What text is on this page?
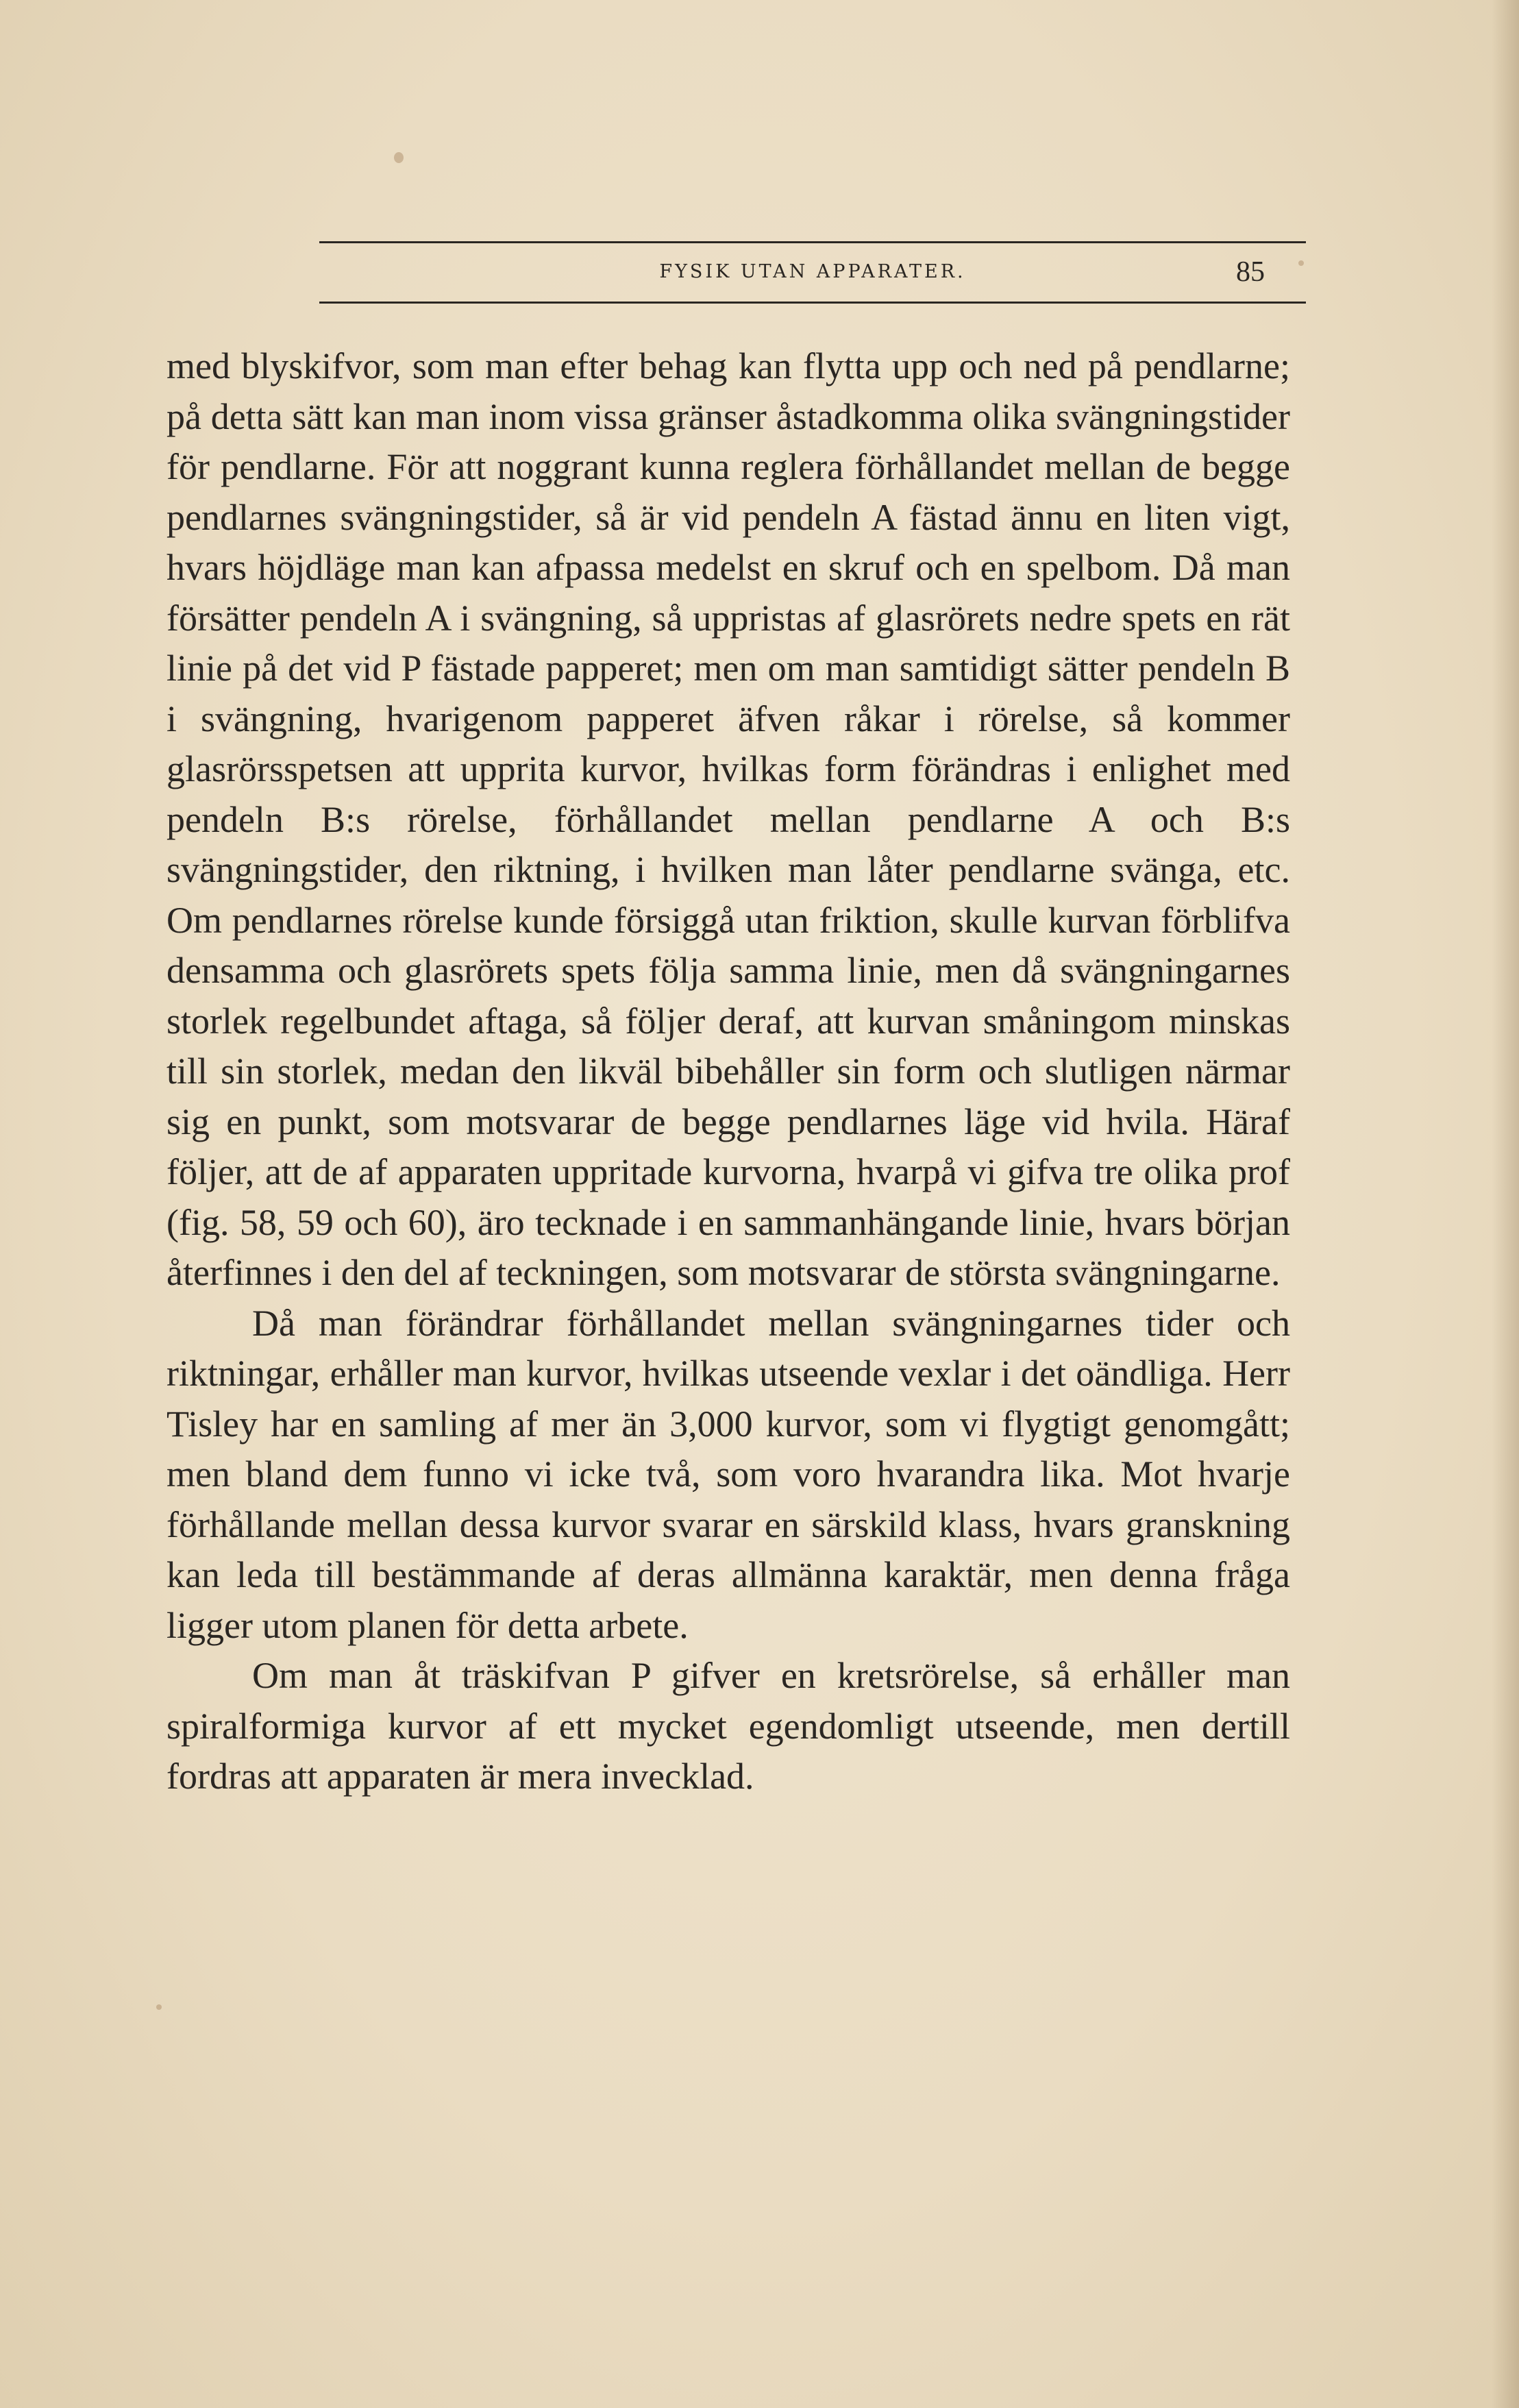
FYSIK UTAN APPARATER.	85

med blyskifvor, som man efter behag kan flytta upp och ned på pendlarne; på detta sätt kan man inom vissa gränser åstadkomma olika svängningstider för pendlarne. För att noggrant kunna reglera förhållandet mellan de begge pendlarnes svängningstider, så är vid pendeln A fästad ännu en liten vigt, hvars höjdläge man kan afpassa medelst en skruf och en spelbom. Då man försätter pendeln A i svängning, så uppristas af glasrörets nedre spets en rät linie på det vid P fästade papperet; men om man samtidigt sätter pendeln B i svängning, hvarigenom papperet äfven råkar i rörelse, så kommer glasrörsspetsen att upprita kurvor, hvilkas form förändras i enlighet med pendeln B:s rörelse, förhållandet mellan pendlarne A och B:s svängningstider, den riktning, i hvilken man låter pendlarne svänga, etc. Om pendlarnes rörelse kunde försiggå utan friktion, skulle kurvan förblifva densamma och glasrörets spets följa samma linie, men då svängningarnes storlek regelbundet aftaga, så följer deraf, att kurvan småningom minskas till sin storlek, medan den likväl bibehåller sin form och slutligen närmar sig en punkt, som motsvarar de begge pendlarnes läge vid hvila. Häraf följer, att de af apparaten uppritade kurvorna, hvarpå vi gifva tre olika prof (fig. 58, 59 och 60), äro tecknade i en sammanhängande linie, hvars början återfinnes i den del af teckningen, som motsvarar de största svängningarne.

Då man förändrar förhållandet mellan svängningarnes tider och riktningar, erhåller man kurvor, hvilkas utseende vexlar i det oändliga. Herr Tisley har en samling af mer än 3,000 kurvor, som vi flygtigt genomgått; men bland dem funno vi icke två, som voro hvarandra lika. Mot hvarje förhållande mellan dessa kurvor svarar en särskild klass, hvars granskning kan leda till bestämmande af deras allmänna karaktär, men denna fråga ligger utom planen för detta arbete.

Om man åt träskifvan P gifver en kretsrörelse, så erhåller man spiralformiga kurvor af ett mycket egendomligt utseende, men dertill fordras att apparaten är mera invecklad.
